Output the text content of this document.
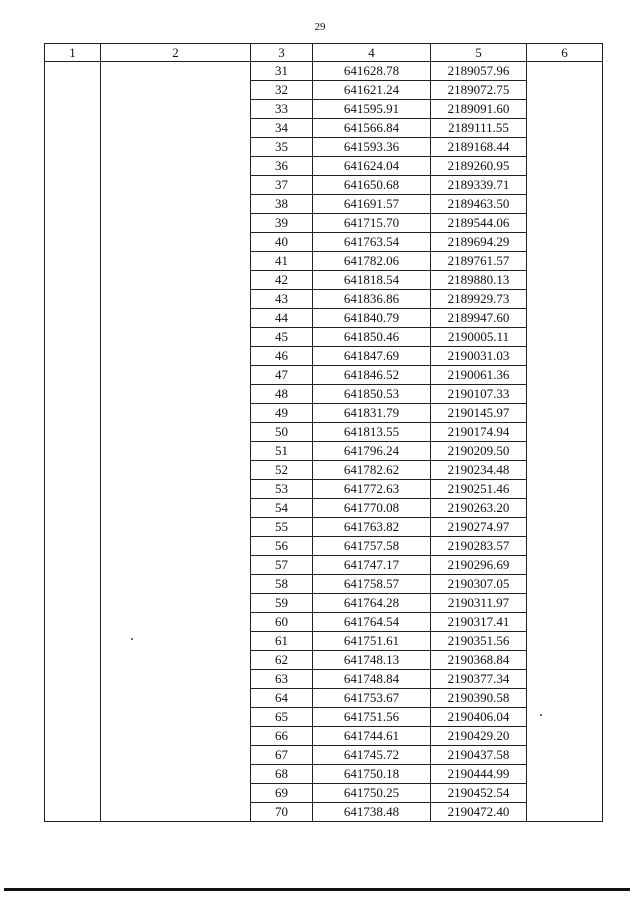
29
1	2	3	4	5	6
		31	641628.78	2189057.96	
		32	641621.24	2189072.75	
		33	641595.91	2189091.60	
		34	641566.84	2189111.55	
		35	641593.36	2189168.44	
		36	641624.04	2189260.95	
		37	641650.68	2189339.71	
		38	641691.57	2189463.50	
		39	641715.70	2189544.06	
		40	641763.54	2189694.29	
		41	641782.06	2189761.57	
		42	641818.54	2189880.13	
		43	641836.86	2189929.73	
		44	641840.79	2189947.60	
		45	641850.46	2190005.11	
		46	641847.69	2190031.03	
		47	641846.52	2190061.36	
		48	641850.53	2190107.33	
		49	641831.79	2190145.97	
		50	641813.55	2190174.94	
		51	641796.24	2190209.50	
		52	641782.62	2190234.48	
		53	641772.63	2190251.46	
		54	641770.08	2190263.20	
		55	641763.82	2190274.97	
		56	641757.58	2190283.57	
		57	641747.17	2190296.69	
		58	641758.57	2190307.05	
		59	641764.28	2190311.97	
		60	641764.54	2190317.41	
		61	641751.61	2190351.56	
		62	641748.13	2190368.84	
		63	641748.84	2190377.34	
		64	641753.67	2190390.58	
		65	641751.56	2190406.04	
		66	641744.61	2190429.20	
		67	641745.72	2190437.58	
		68	641750.18	2190444.99	
		69	641750.25	2190452.54	
		70	641738.48	2190472.40	
